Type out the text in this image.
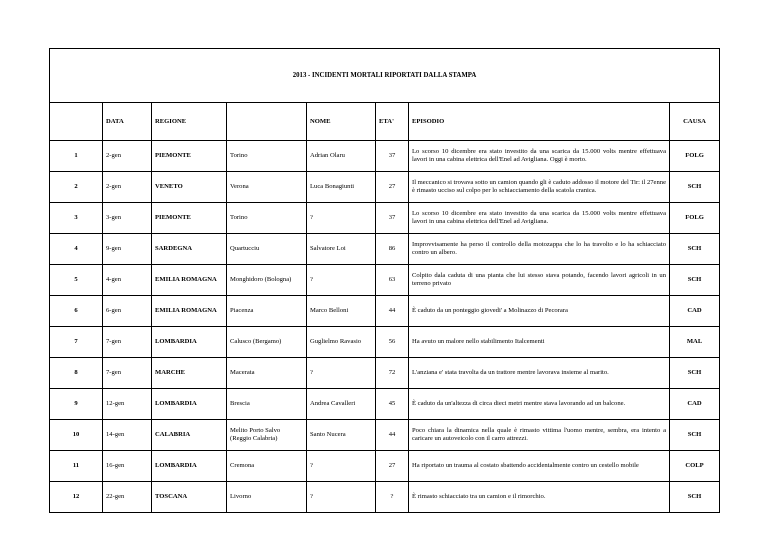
2013 - INCIDENTI MORTALI RIPORTATI DALLA STAMPA							
	DATA	REGIONE		NOME	ETA'	EPISODIO	CAUSA
1	2-gen	PIEMONTE	Torino	Adrian Olaru	37	Lo scorso 10 dicembre era stato investito da una scarica da 15.000 volts mentre effettuava lavori in una cabina elettrica dell'Enel ad Avigliana. Oggi è morto.	FOLG
2	2-gen	VENETO	Verona	Luca Bonagiunti	27	Il meccanico si trovava sotto un camion quando gli è caduto addosso il motore del Tir: il 27enne è rimasto ucciso sul colpo per lo schiacciamento della scatola cranica.	SCH
3	3-gen	PIEMONTE	Torino	?	37	Lo scorso 10 dicembre era stato investito da una scarica da 15.000 volts mentre effettuava lavori in una cabina elettrica dell'Enel ad Avigliana.	FOLG
4	9-gen	SARDEGNA	Quartucciu	Salvatore Loi	86	Improvvisamente ha perso il controllo della motozappa che lo ha travolto e lo ha schiacciato contro un albero.	SCH
5	4-gen	EMILIA ROMAGNA	Monghidoro (Bologna)	?	63	Colpito dala caduta di una pianta che lui stesso stava potando, facendo lavori agricoli in un terreno privato	SCH
6	6-gen	EMILIA ROMAGNA	Piacenza	Marco Belloni	44	È caduto da un ponteggio giovedi' a Molinazzo di Pecorara	CAD
7	7-gen	LOMBARDIA	Calusco (Bergamo)	Guglielmo Ravasio	56	Ha avuto un malore nello stabilimento Italcementi	MAL
8	7-gen	MARCHE	Macerata	?	72	L'anziana e' stata travolta da un trattore mentre lavorava insieme al marito.	SCH
9	12-gen	LOMBARDIA	Brescia	Andrea Cavalleri	45	È caduto da un'altezza di circa dieci metri mentre stava lavorando ad un balcone.	CAD
10	14-gen	CALABRIA	Melito Porto Salvo (Reggio Calabria)	Santo Nucera	44	Poco chiara la dinamica nella quale è rimasto vittima l'uomo mentre, sembra, era intento a caricare un autoveicolo con il carro attrezzi.	SCH
11	16-gen	LOMBARDIA	Cremona	?	27	Ha riportato un trauma al costato sbattendo accidentalmente contro un cestello mobile	COLP
12	22-gen	TOSCANA	Livorno	?	?	È rimasto schiacciato tra un camion e il rimorchio.	SCH
